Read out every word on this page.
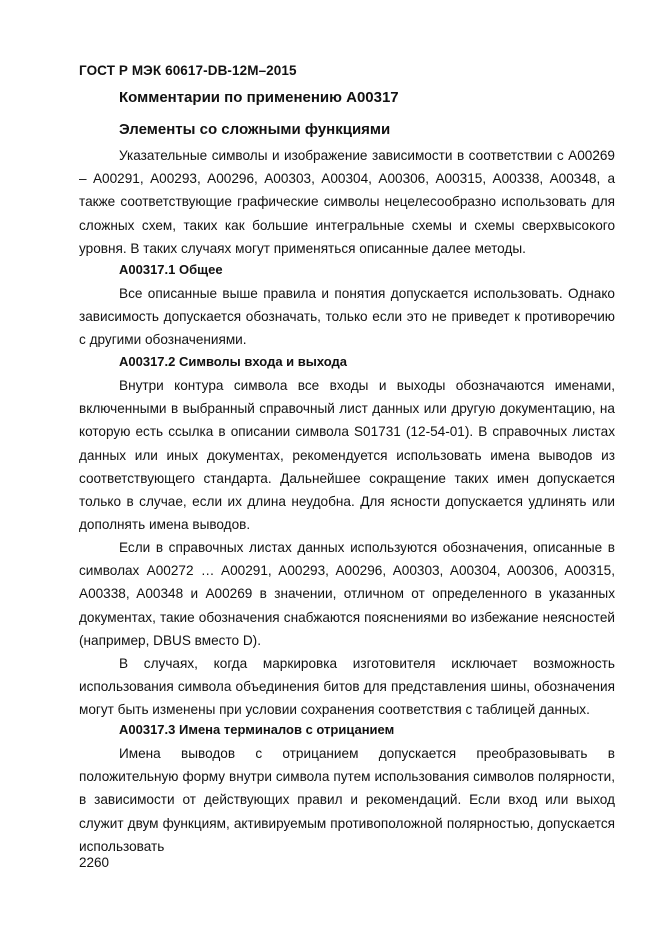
ГОСТ Р МЭК 60617-DB-12M–2015
Комментарии по применению A00317
Элементы со сложными функциями

Указательные символы и изображение зависимости в соответствии с A00269 – A00291, A00293, A00296, A00303, A00304, A00306, A00315, A00338, A00348, а также соответствующие графические символы нецелесообразно использовать для сложных схем, таких как большие интегральные схемы и схемы сверхвысокого уровня. В таких случаях могут применяться описанные далее методы.

A00317.1 Общее

Все описанные выше правила и понятия допускается использовать. Однако зависимость допускается обозначать, только если это не приведет к противоречию с другими обозначениями.

A00317.2 Символы входа и выхода

Внутри контура символа все входы и выходы обозначаются именами, включенными в выбранный справочный лист данных или другую документацию, на которую есть ссылка в описании символа S01731 (12-54-01). В справочных листах данных или иных документах, рекомендуется использовать имена выводов из соответствующего стандарта. Дальнейшее сокращение таких имен допускается только в случае, если их длина неудобна. Для ясности допускается удлинять или дополнять имена выводов.

Если в справочных листах данных используются обозначения, описанные в символах A00272 … A00291, A00293, A00296, A00303, A00304, A00306, A00315, A00338, A00348 и A00269 в значении, отличном от определенного в указанных документах, такие обозначения снабжаются пояснениями во избежание неясностей (например, DBUS вместо D).

В случаях, когда маркировка изготовителя исключает возможность использования символа объединения битов для представления шины, обозначения могут быть изменены при условии сохранения соответствия с таблицей данных.

A00317.3 Имена терминалов с отрицанием

Имена выводов с отрицанием допускается преобразовывать в положительную форму внутри символа путем использования символов полярности, в зависимости от действующих правил и рекомендаций. Если вход или выход служит двум функциям, активируемым противоположной полярностью, допускается использовать

2260
